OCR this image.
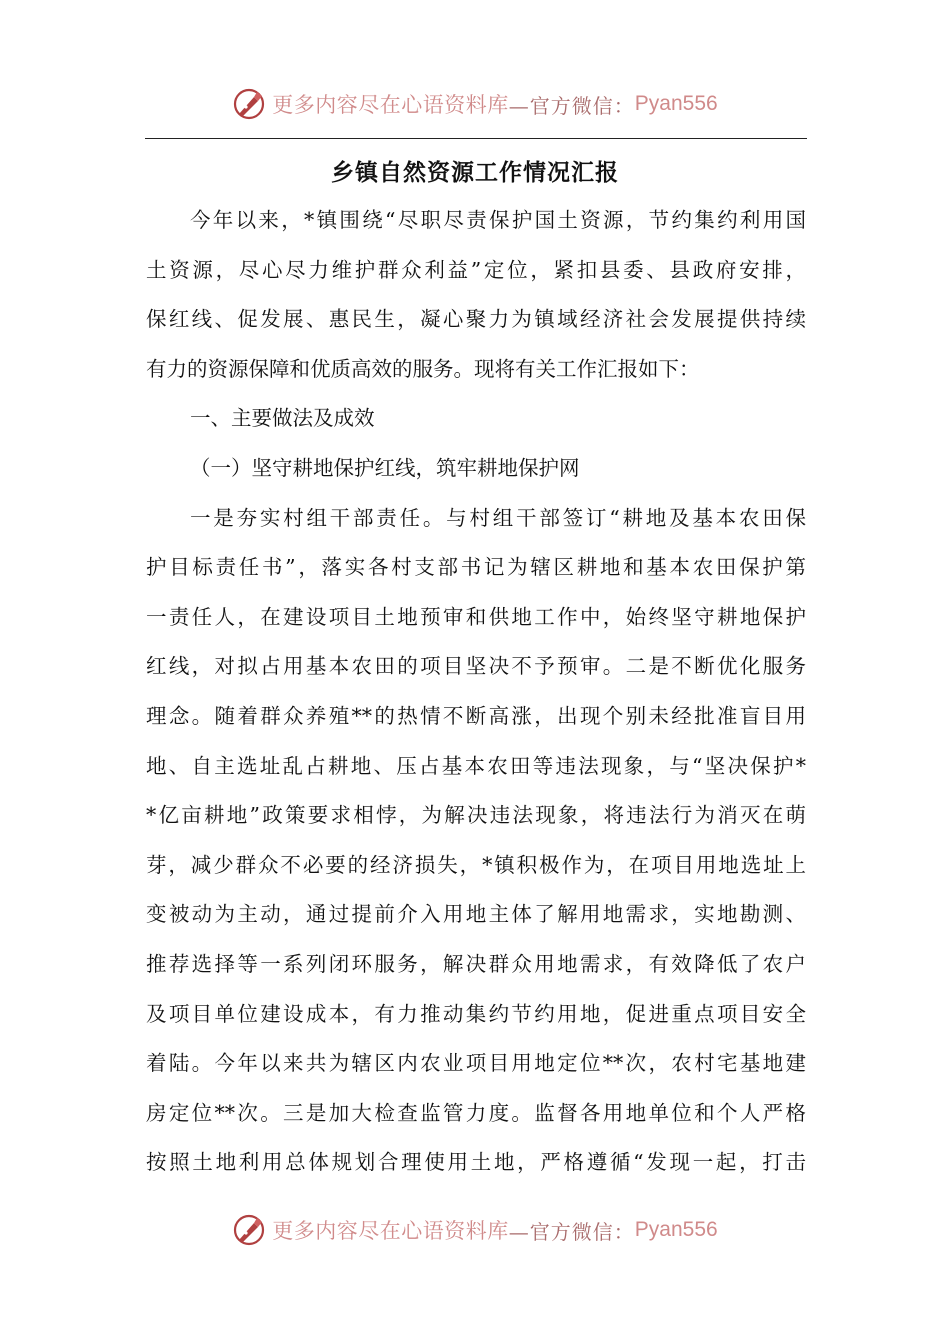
更多内容尽在心语资料库 —官方微信： Pyan556
乡镇自然资源工作情况汇报
今年以来，*镇围绕“尽职尽责保护国土资源，节约集约利用国
土资源，尽心尽力维护群众利益”定位，紧扣县委、县政府安排，
保红线、促发展、惠民生，凝心聚力为镇域经济社会发展提供持续
有力的资源保障和优质高效的服务。现将有关工作汇报如下：
一、主要做法及成效
（一）坚守耕地保护红线，筑牢耕地保护网
一是夯实村组干部责任。与村组干部签订“耕地及基本农田保
护目标责任书”，落实各村支部书记为辖区耕地和基本农田保护第
一责任人，在建设项目土地预审和供地工作中，始终坚守耕地保护
红线，对拟占用基本农田的项目坚决不予预审。二是不断优化服务
理念。随着群众养殖**的热情不断高涨，出现个别未经批准盲目用
地、自主选址乱占耕地、压占基本农田等违法现象，与“坚决保护*
*亿亩耕地”政策要求相悖，为解决违法现象，将违法行为消灭在萌
芽，减少群众不必要的经济损失，*镇积极作为，在项目用地选址上
变被动为主动，通过提前介入用地主体了解用地需求，实地勘测、
推荐选择等一系列闭环服务，解决群众用地需求，有效降低了农户
及项目单位建设成本，有力推动集约节约用地，促进重点项目安全
着陆。今年以来共为辖区内农业项目用地定位**次，农村宅基地建
房定位**次。三是加大检查监管力度。监督各用地单位和个人严格
按照土地利用总体规划合理使用土地，严格遵循“发现一起，打击
更多内容尽在心语资料库 —官方微信： Pyan556
